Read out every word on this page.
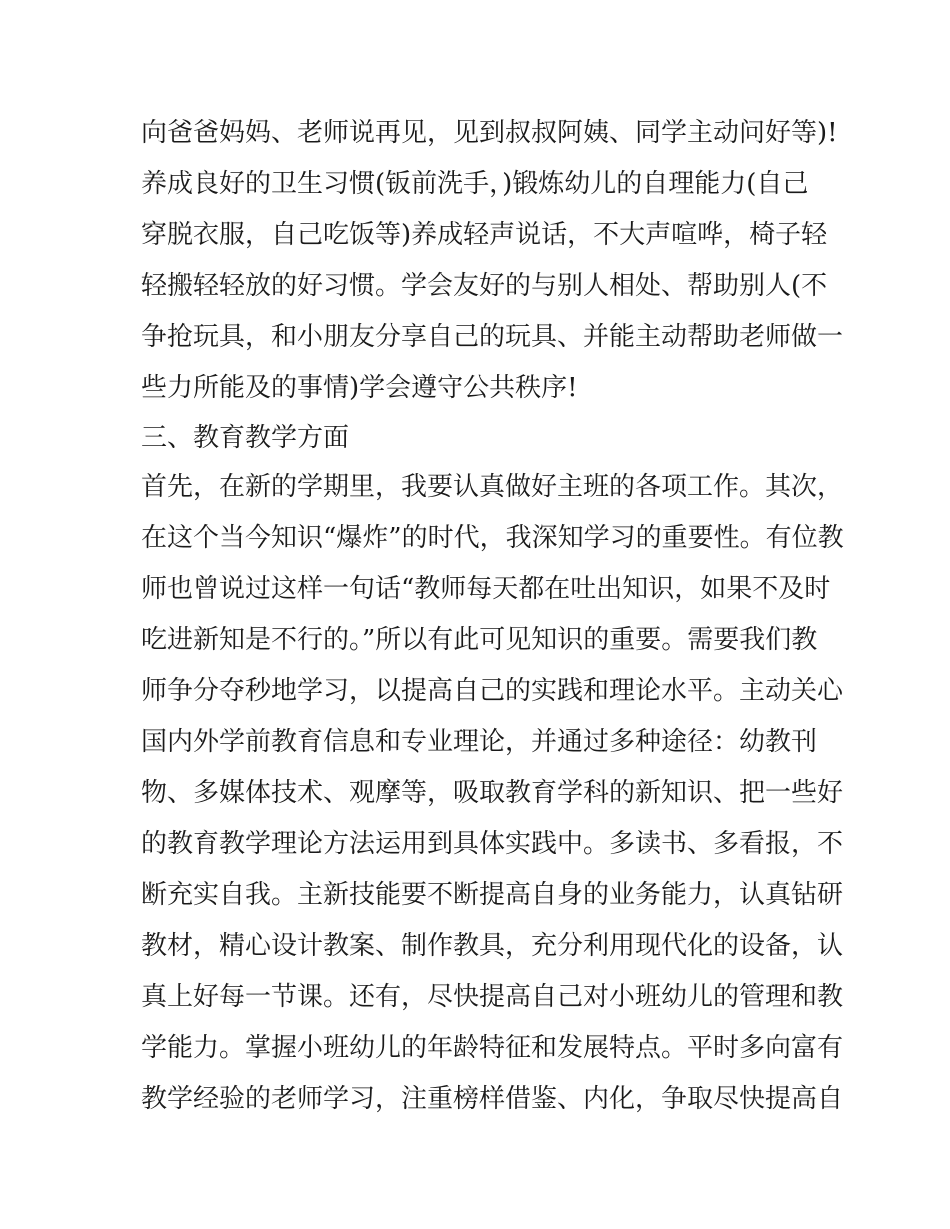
向爸爸妈妈、老师说再见，见到叔叔阿姨、同学主动问好等)!
养成良好的卫生习惯(钣前洗手，)锻炼幼儿的自理能力(自己
穿脱衣服，自己吃饭等)养成轻声说话，不大声喧哗，椅子轻
轻搬轻轻放的好习惯。学会友好的与别人相处、帮助别人(不
争抢玩具，和小朋友分享自己的玩具、并能主动帮助老师做一
些力所能及的事情)学会遵守公共秩序!
三、教育教学方面
首先，在新的学期里，我要认真做好主班的各项工作。其次，
在这个当今知识“爆炸”的时代，我深知学习的重要性。有位教
师也曾说过这样一句话“教师每天都在吐出知识，如果不及时
吃进新知是不行的。”所以有此可见知识的重要。需要我们教
师争分夺秒地学习，以提高自己的实践和理论水平。主动关心
国内外学前教育信息和专业理论，并通过多种途径：幼教刊
物、多媒体技术、观摩等，吸取教育学科的新知识、把一些好
的教育教学理论方法运用到具体实践中。多读书、多看报，不
断充实自我。主新技能要不断提高自身的业务能力，认真钻研
教材，精心设计教案、制作教具，充分利用现代化的设备，认
真上好每一节课。还有，尽快提高自己对小班幼儿的管理和教
学能力。掌握小班幼儿的年龄特征和发展特点。平时多向富有
教学经验的老师学习，注重榜样借鉴、内化，争取尽快提高自
